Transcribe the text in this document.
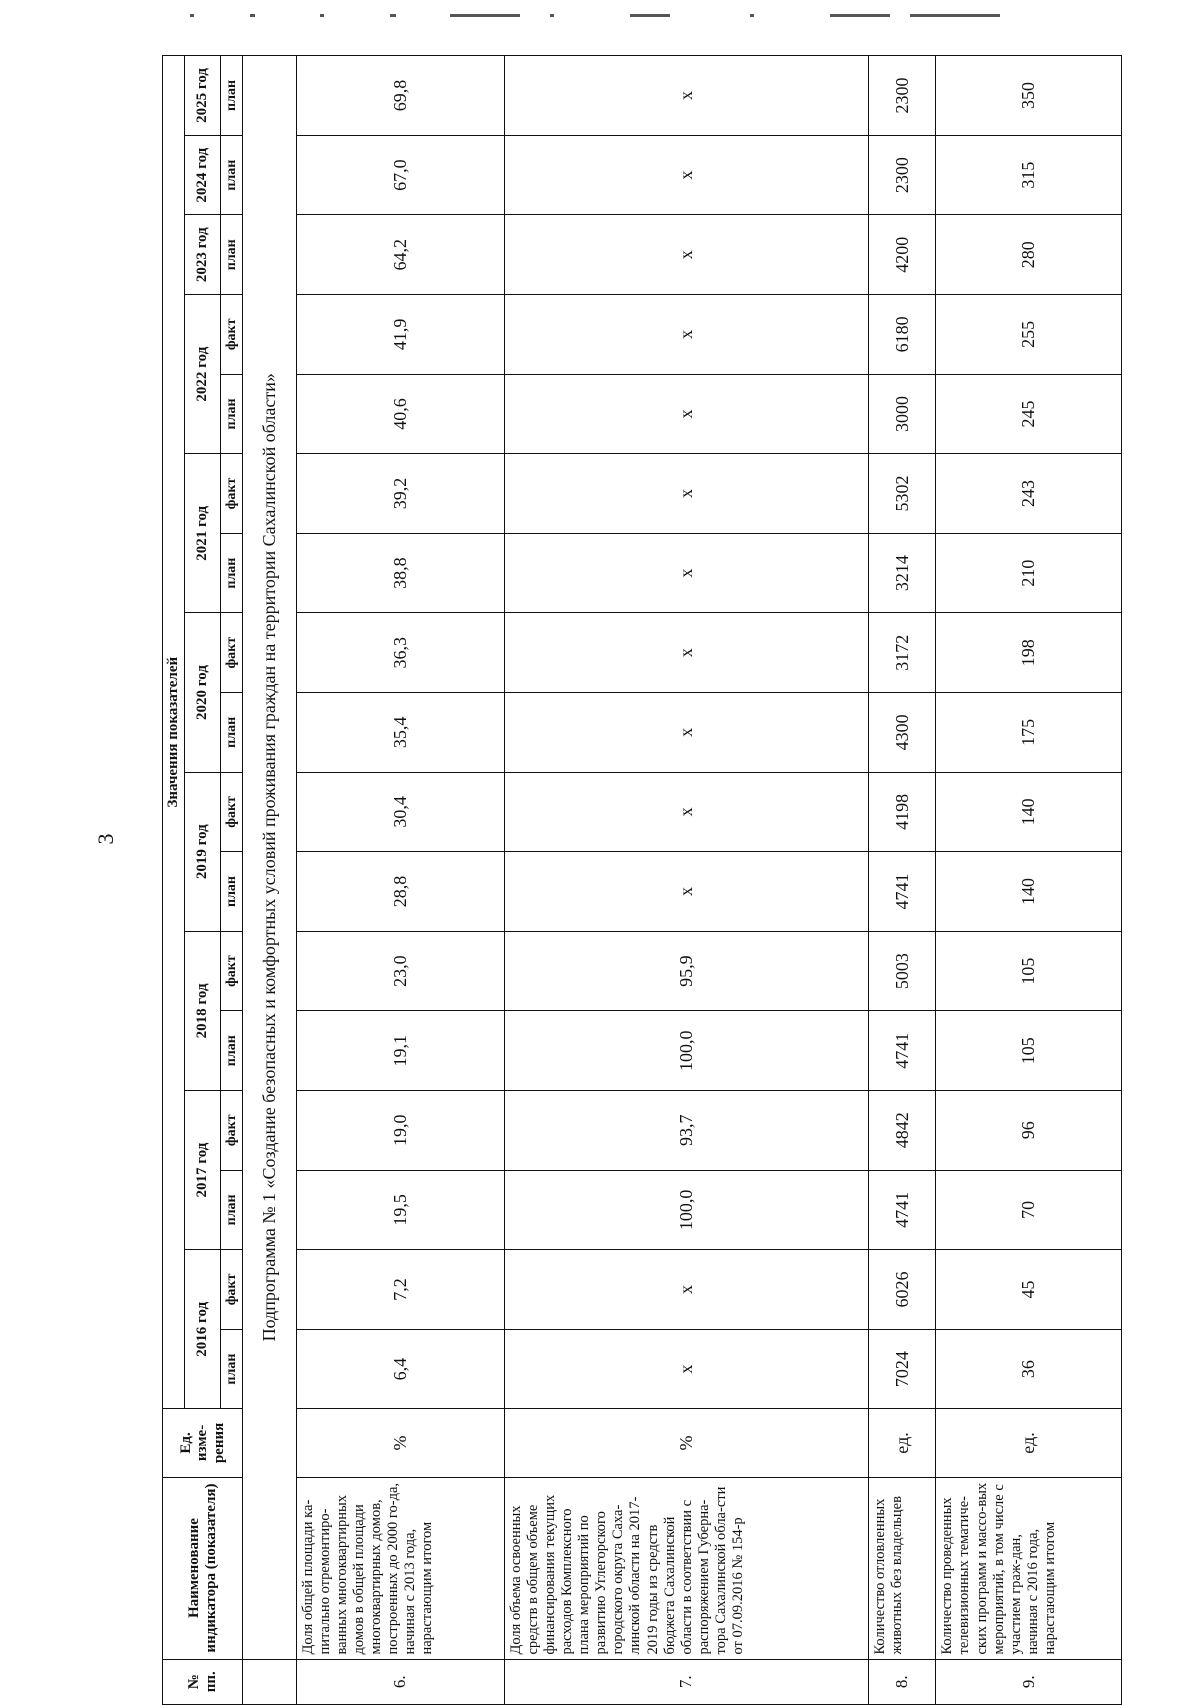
3
№ пп.	Наименование индикатора (показателя)	Ед. изме-рения	Значения показателей																
			2016 год		2017 год		2018 год		2019 год		2020 год		2021 год		2022 год		2023 год	2024 год	2025 год
			план	факт	план	факт	план	факт	план	факт	план	факт	план	факт	план	факт	план	план	план
	Подпрограмма № 1 «Создание безопасных и комфортных условий проживания граждан на территории Сахалинской области»																		
6.	Доля общей площади ка-питально отремонтиро-ванных многоквартирных домов в общей площади многоквартирных домов, построенных до 2000 го-да, начиная с 2013 года, нарастающим итогом	%	6,4	7,2	19,5	19,0	19,1	23,0	28,8	30,4	35,4	36,3	38,8	39,2	40,6	41,9	64,2	67,0	69,8
7.	Доля объема освоенных средств в общем объеме финансирования текущих расходов Комплексного плана мероприятий по развитию Углегорского городского округа Саха-линской области на 2017-2019 годы из средств бюджета Сахалинской области в соответствии с распоряжением Губерна-тора Сахалинской обла-сти от 07.09.2016 № 154-р	%	x	x	100,0	93,7	100,0	95,9	x	x	x	x	x	x	x	x	x	x	x
8.	Количество отловленных животных без владельцев	ед.	7024	6026	4741	4842	4741	5003	4741	4198	4300	3172	3214	5302	3000	6180	4200	2300	2300
9.	Количество проведенных телевизионных тематиче-ских программ и массо-вых мероприятий, в том числе с участием граж-дан, начиная с 2016 года, нарастающим итогом	ед.	36	45	70	96	105	105	140	140	175	198	210	243	245	255	280	315	350
